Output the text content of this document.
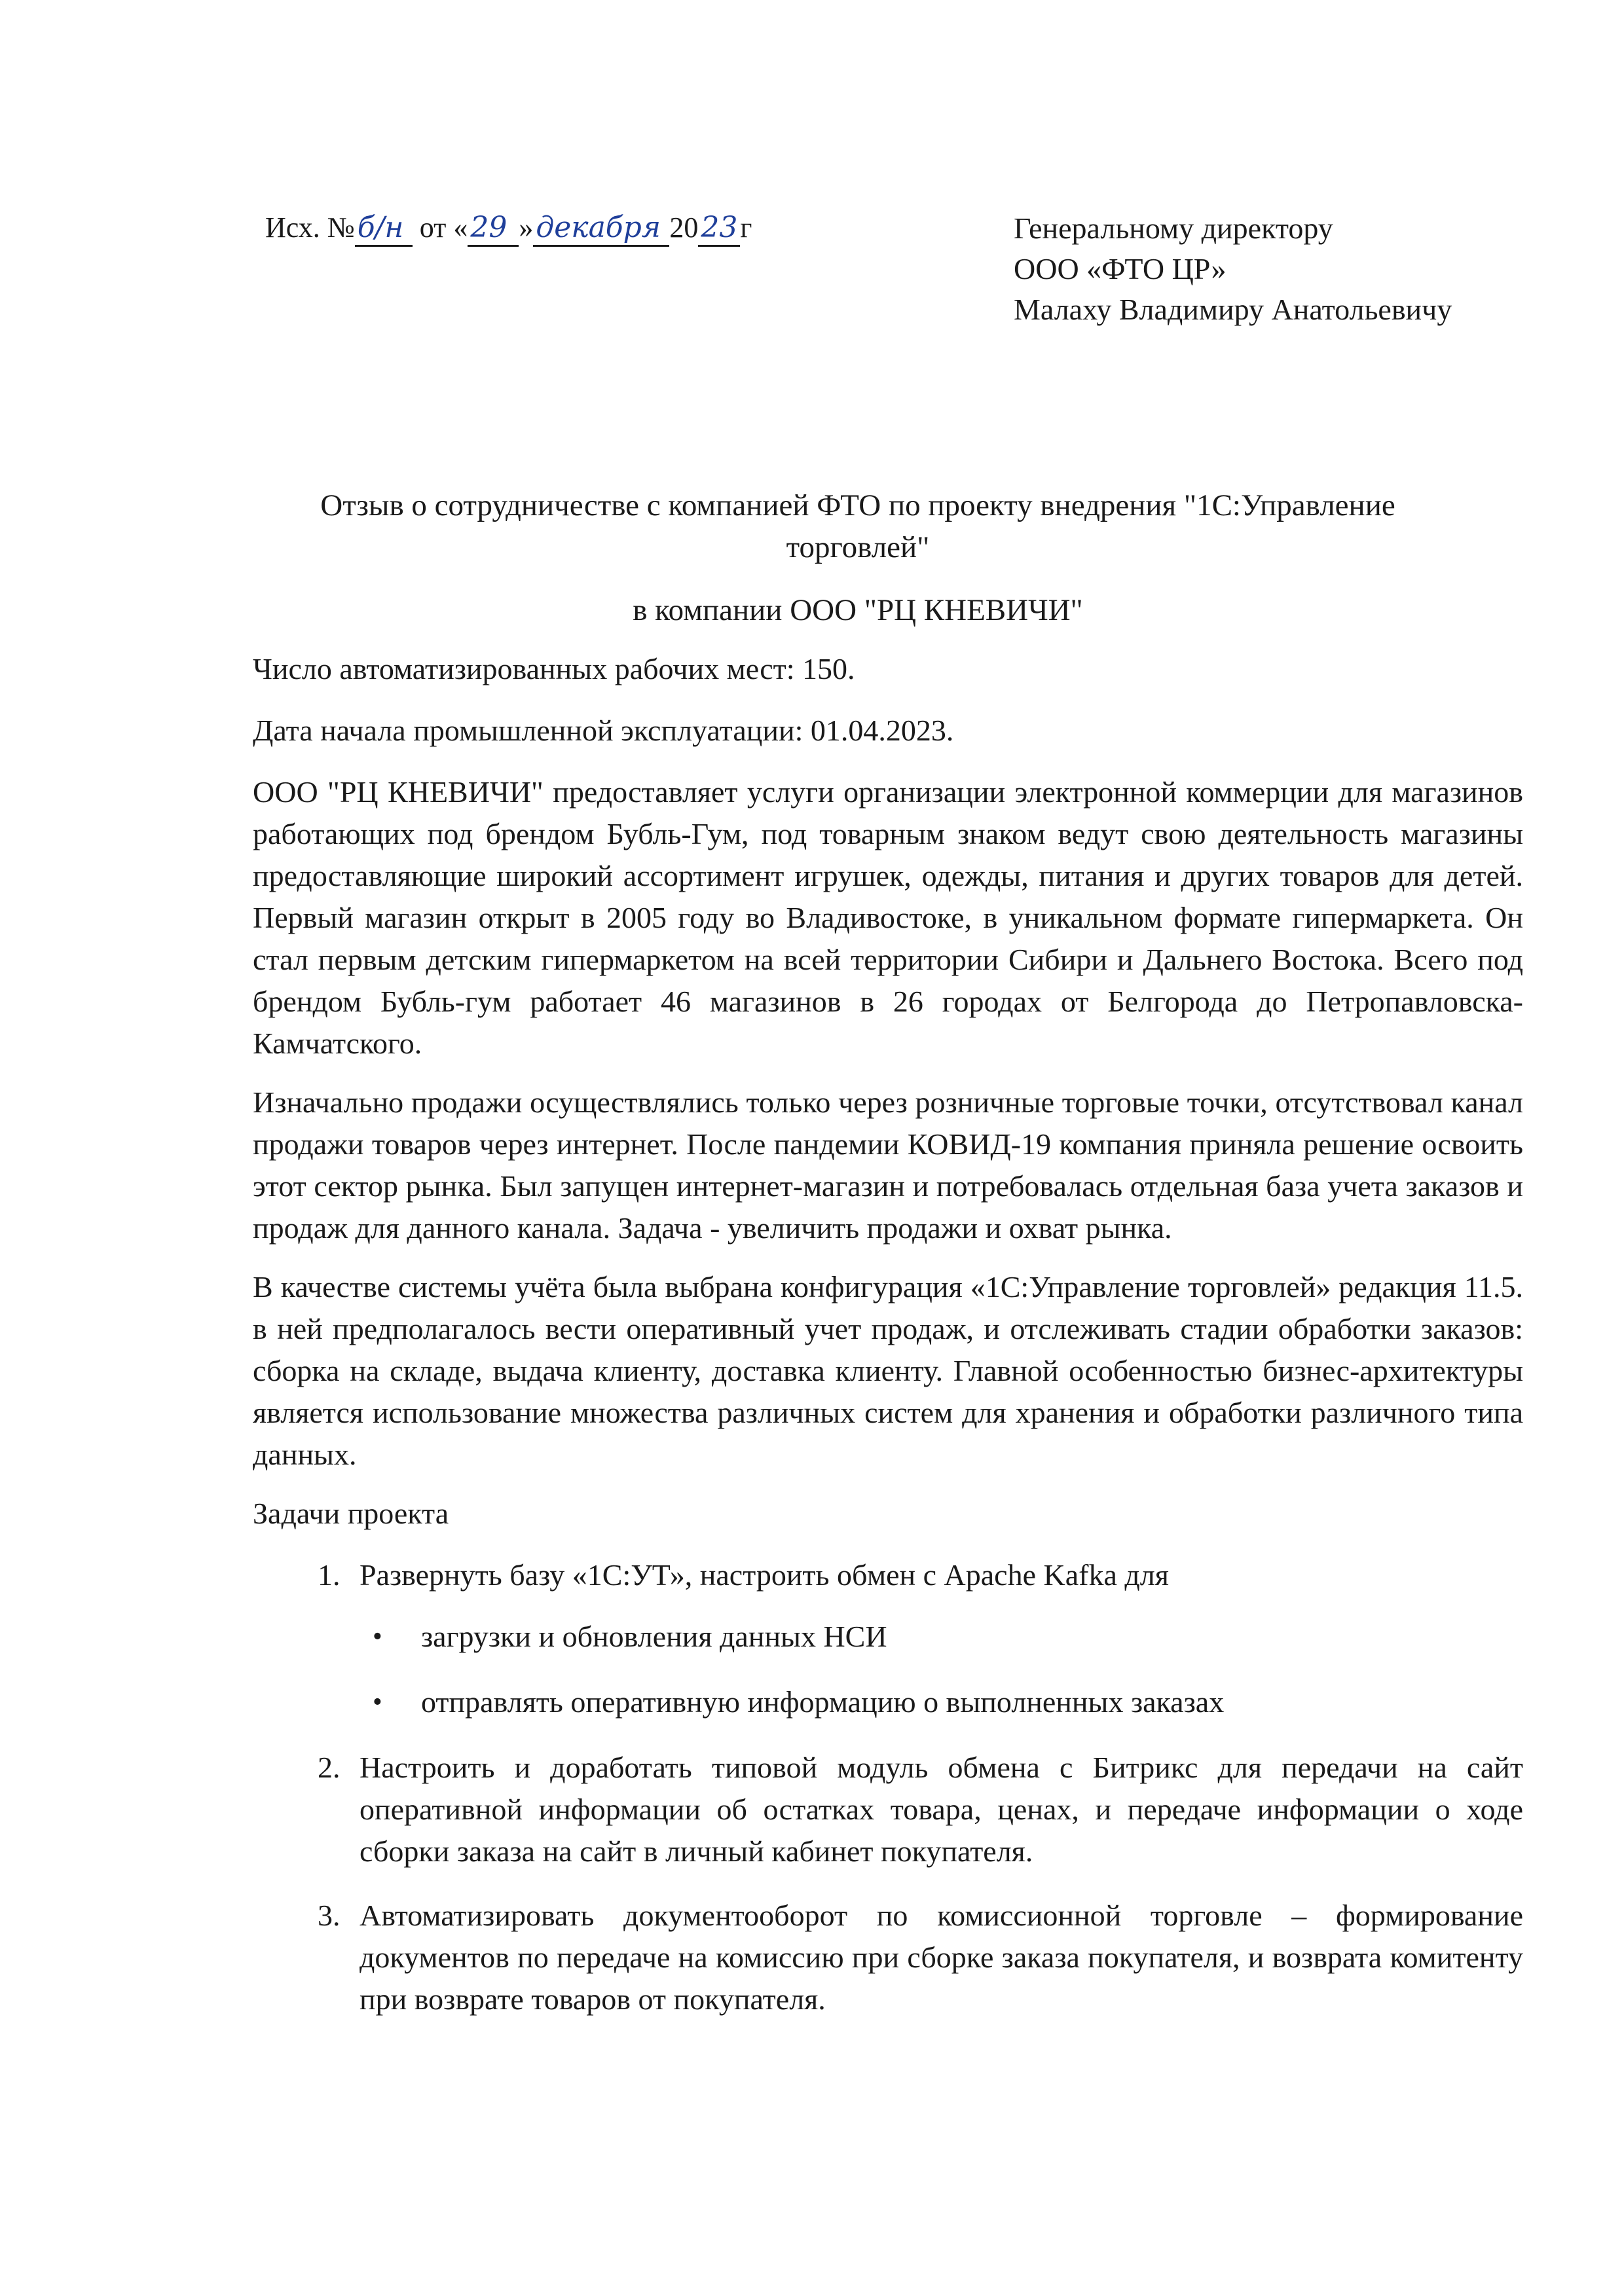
Исх. №б/н от «29 »декабря 2023г	Генеральному директору
ООО «ФТО ЦР»
Малаху Владимиру Анатольевичу
Отзыв о сотрудничестве с компанией ФТО по проекту внедрения "1С:Управление
торговлей"
в компании ООО "РЦ КНЕВИЧИ"

Число автоматизированных рабочих мест: 150.

Дата начала промышленной эксплуатации: 01.04.2023.

ООО "РЦ КНЕВИЧИ" предоставляет услуги организации электронной коммерции для магазинов работающих под брендом Бубль-Гум, под товарным знаком ведут свою деятельность магазины предоставляющие широкий ассортимент игрушек, одежды, питания и других товаров для детей. Первый магазин открыт в 2005 году во Владивостоке, в уникальном формате гипермаркета. Он стал первым детским гипермаркетом на всей территории Сибири и Дальнего Востока. Всего под брендом Бубль-гум работает 46 магазинов в 26 городах от Белгорода до Петропавловска-Камчатского.

Изначально продажи осуществлялись только через розничные торговые точки, отсутствовал канал продажи товаров через интернет. После пандемии КОВИД-19 компания приняла решение освоить этот сектор рынка. Был запущен интернет-магазин и потребовалась отдельная база учета заказов и продаж для данного канала. Задача - увеличить продажи и охват рынка.

В качестве системы учёта была выбрана конфигурация «1С:Управление торговлей» редакция 11.5. в ней предполагалось вести оперативный учет продаж, и отслеживать стадии обработки заказов: сборка на складе, выдача клиенту, доставка клиенту. Главной особенностью бизнес-архитектуры является использование множества различных систем для хранения и обработки различного типа данных.

Задачи проекта

1. Развернуть базу «1С:УТ», настроить обмен с Apache Kafka для
• загрузки и обновления данных НСИ
• отправлять оперативную информацию о выполненных заказах
2. Настроить и доработать типовой модуль обмена с Битрикс для передачи на сайт оперативной информации об остатках товара, ценах, и передаче информации о ходе сборки заказа на сайт в личный кабинет покупателя.
3. Автоматизировать документооборот по комиссионной торговле – формирование документов по передаче на комиссию при сборке заказа покупателя, и возврата комитенту при возврате товаров от покупателя.
